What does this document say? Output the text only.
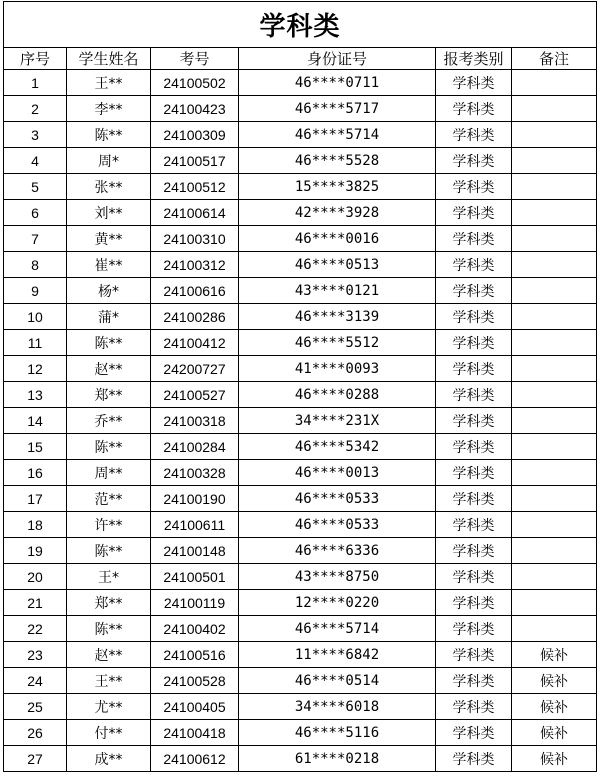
学科类					
序号	学生姓名	考号	身份证号	报考类别	备注
1	王**	24100502	46****0711	学科类	
2	李**	24100423	46****5717	学科类	
3	陈**	24100309	46****5714	学科类	
4	周*	24100517	46****5528	学科类	
5	张**	24100512	15****3825	学科类	
6	刘**	24100614	42****3928	学科类	
7	黄**	24100310	46****0016	学科类	
8	崔**	24100312	46****0513	学科类	
9	杨*	24100616	43****0121	学科类	
10	蒲*	24100286	46****3139	学科类	
11	陈**	24100412	46****5512	学科类	
12	赵**	24200727	41****0093	学科类	
13	郑**	24100527	46****0288	学科类	
14	乔**	24100318	34****231X	学科类	
15	陈**	24100284	46****5342	学科类	
16	周**	24100328	46****0013	学科类	
17	范**	24100190	46****0533	学科类	
18	许**	24100611	46****0533	学科类	
19	陈**	24100148	46****6336	学科类	
20	王*	24100501	43****8750	学科类	
21	郑**	24100119	12****0220	学科类	
22	陈**	24100402	46****5714	学科类	
23	赵**	24100516	11****6842	学科类	候补
24	王**	24100528	46****0514	学科类	候补
25	尤**	24100405	34****6018	学科类	候补
26	付**	24100418	46****5116	学科类	候补
27	成**	24100612	61****0218	学科类	候补
